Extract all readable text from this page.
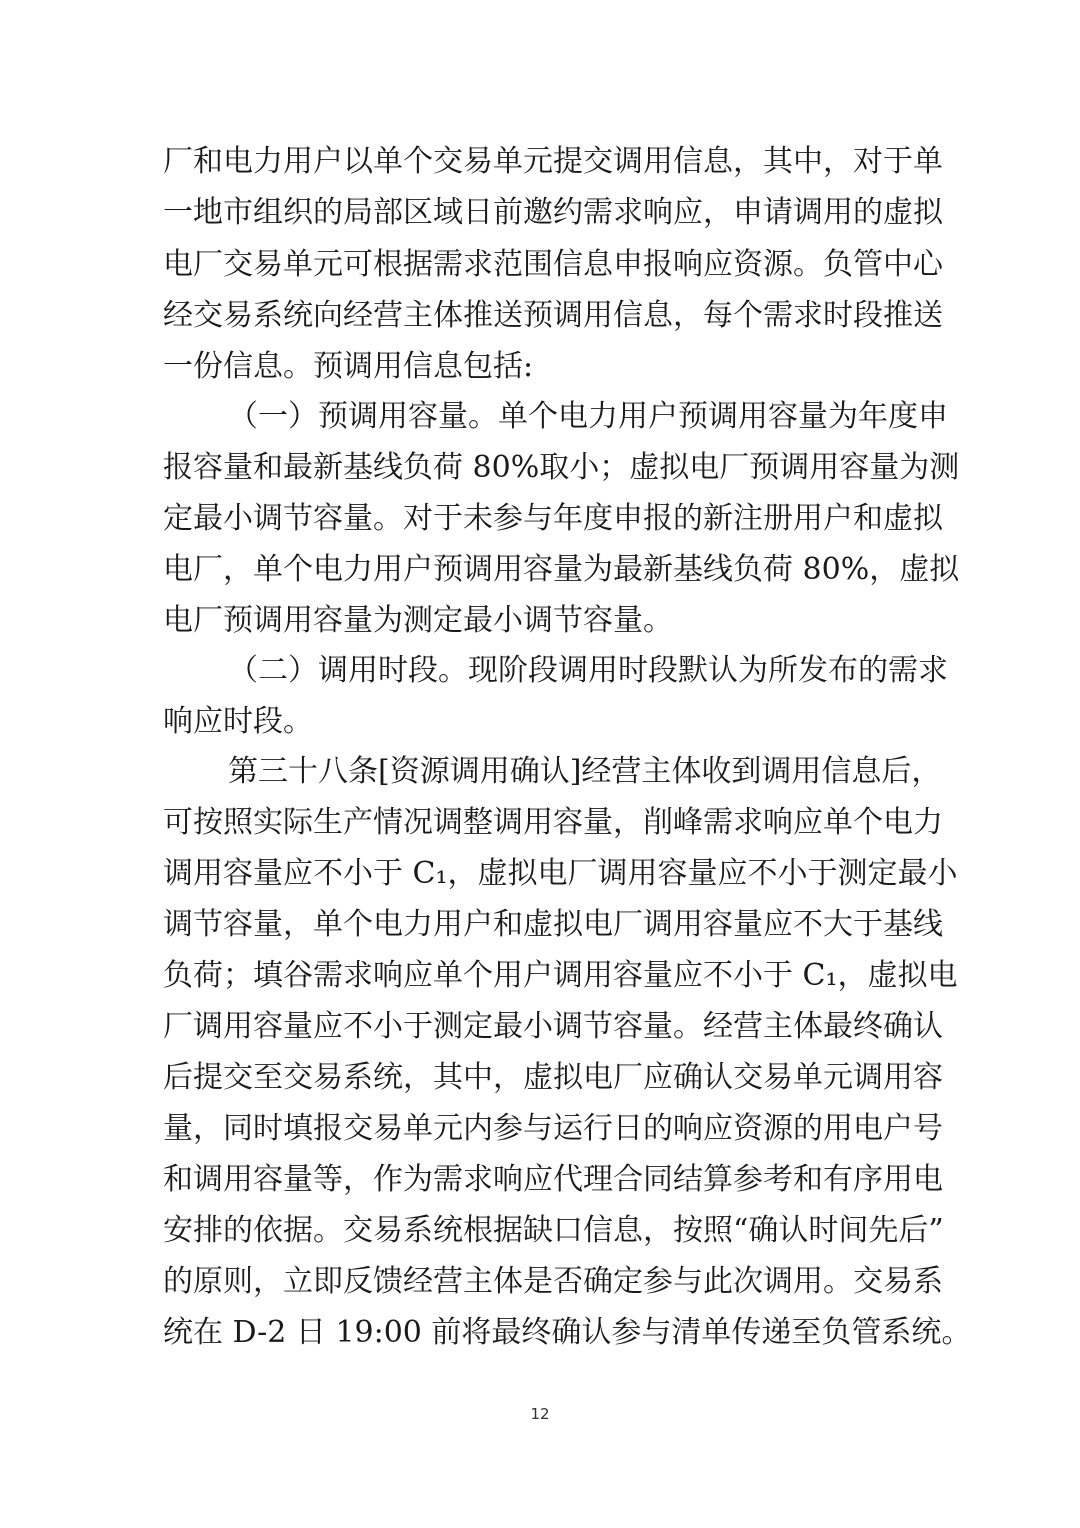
厂和电力用户以单个交易单元提交调用信息，其中，对于单
一地市组织的局部区域日前邀约需求响应，申请调用的虚拟
电厂交易单元可根据需求范围信息申报响应资源。负管中心
经交易系统向经营主体推送预调用信息，每个需求时段推送
一份信息。预调用信息包括:
（一）预调用容量。单个电力用户预调用容量为年度申
报容量和最新基线负荷 80%取小；虚拟电厂预调用容量为测
定最小调节容量。对于未参与年度申报的新注册用户和虚拟
电厂，单个电力用户预调用容量为最新基线负荷 80%，虚拟
电厂预调用容量为测定最小调节容量。
（二）调用时段。现阶段调用时段默认为所发布的需求
响应时段。
第三十八条[资源调用确认]经营主体收到调用信息后，
可按照实际生产情况调整调用容量，削峰需求响应单个电力
调用容量应不小于 C₁，虚拟电厂调用容量应不小于测定最小
调节容量，单个电力用户和虚拟电厂调用容量应不大于基线
负荷；填谷需求响应单个用户调用容量应不小于 C₁，虚拟电
厂调用容量应不小于测定最小调节容量。经营主体最终确认
后提交至交易系统，其中，虚拟电厂应确认交易单元调用容
量，同时填报交易单元内参与运行日的响应资源的用电户号
和调用容量等，作为需求响应代理合同结算参考和有序用电
安排的依据。交易系统根据缺口信息，按照“确认时间先后”
的原则，立即反馈经营主体是否确定参与此次调用。交易系
统在 D-2 日 19:00 前将最终确认参与清单传递至负管系统。
12
